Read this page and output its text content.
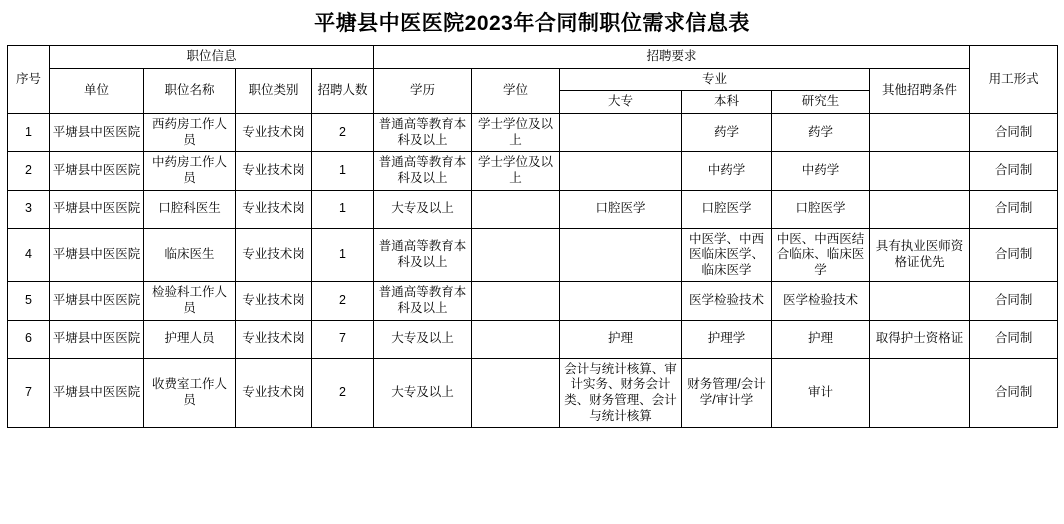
平塘县中医医院2023年合同制职位需求信息表
序号	职位信息				招聘要求						用工形式
	单位	职位名称	职位类别	招聘人数	学历	学位	专业			其他招聘条件	
							大专	本科	研究生		

1	平塘县中医医院	西药房工作人员	专业技术岗	2	普通高等教育本科及以上	学士学位及以上		药学	药学		合同制
2	平塘县中医医院	中药房工作人员	专业技术岗	1	普通高等教育本科及以上	学士学位及以上		中药学	中药学		合同制
3	平塘县中医医院	口腔科医生	专业技术岗	1	大专及以上		口腔医学	口腔医学	口腔医学		合同制
4	平塘县中医医院	临床医生	专业技术岗	1	普通高等教育本科及以上			中医学、中西医临床医学、临床医学	中医、中西医结合临床、临床医学	具有执业医师资格证优先	合同制
5	平塘县中医医院	检验科工作人员	专业技术岗	2	普通高等教育本科及以上			医学检验技术	医学检验技术		合同制
6	平塘县中医医院	护理人员	专业技术岗	7	大专及以上		护理	护理学	护理	取得护士资格证	合同制
7	平塘县中医医院	收费室工作人员	专业技术岗	2	大专及以上		会计与统计核算、审计实务、财务会计类、财务管理、会计与统计核算	财务管理/会计学/审计学	审计		合同制
